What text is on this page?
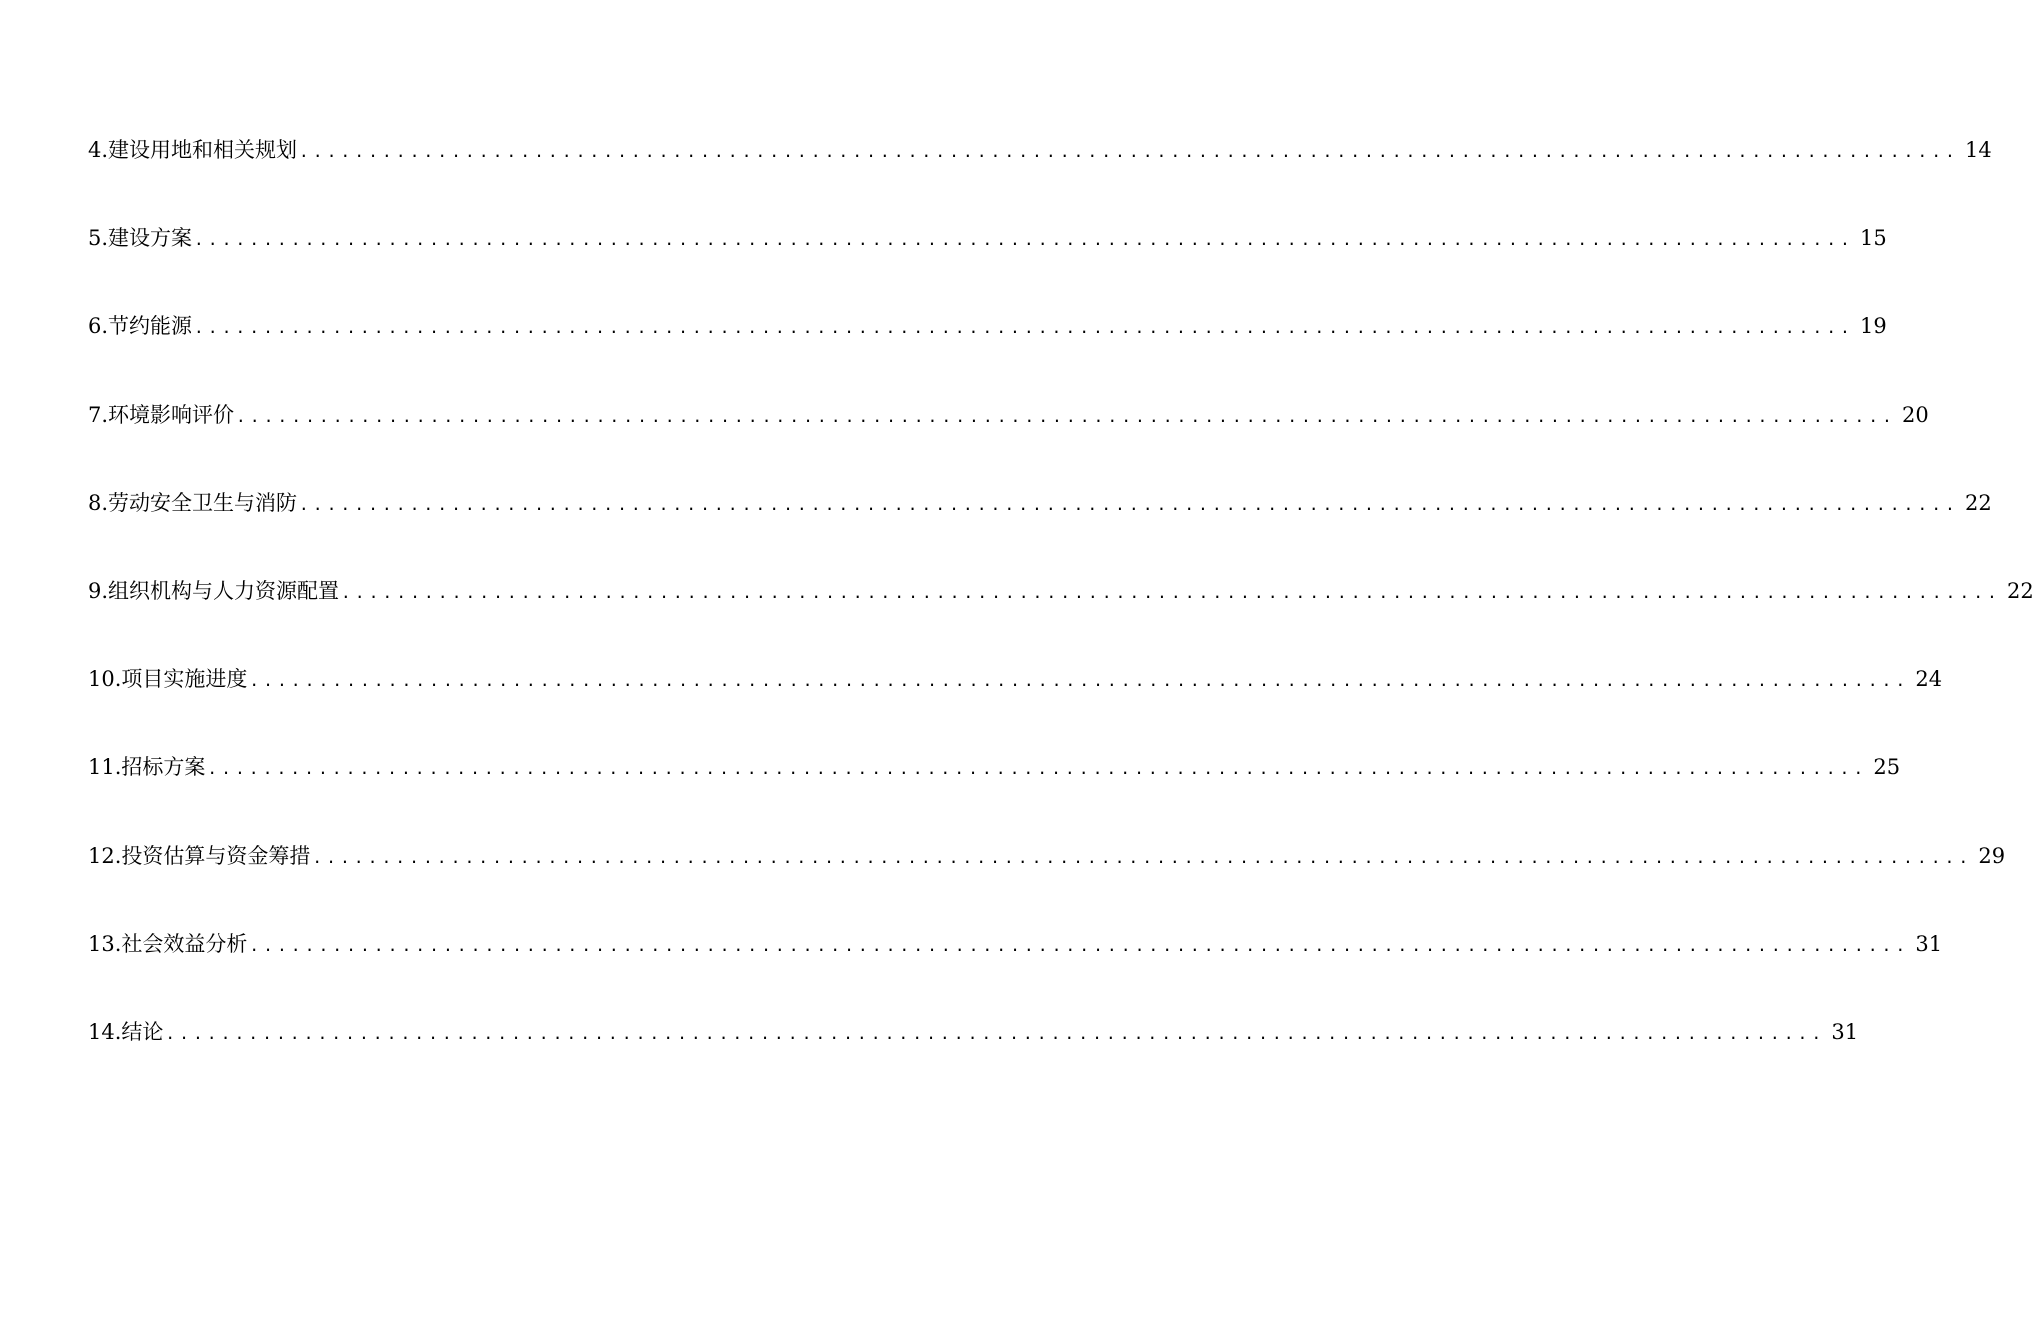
4.建设用地和相关规划 ........................................................................................................................ 14
5.建设方案 ........................................................................................................................ 15
6.节约能源 ........................................................................................................................ 19
7.环境影响评价 ........................................................................................................................ 20
8.劳动安全卫生与消防 ........................................................................................................................ 22
9.组织机构与人力资源配置 ........................................................................................................................ 22
10.项目实施进度 ........................................................................................................................ 24
11.招标方案 ........................................................................................................................ 25
12.投资估算与资金筹措 ........................................................................................................................ 29
13.社会效益分析 ........................................................................................................................ 31
14.结论 ........................................................................................................................ 31
